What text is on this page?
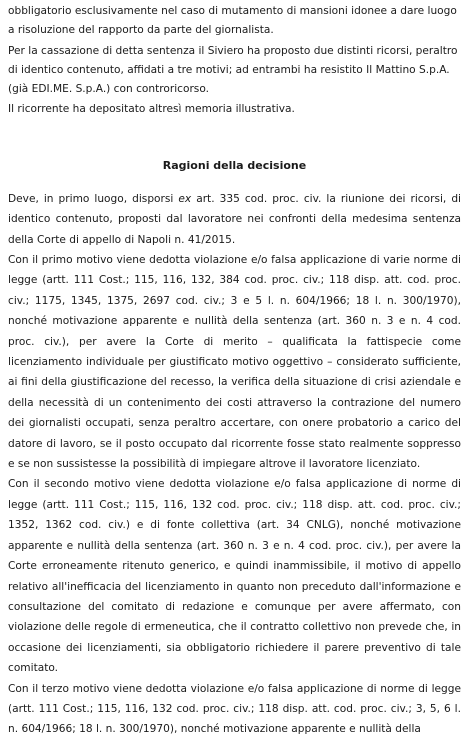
obbligatorio esclusivamente nel caso di mutamento di mansioni idonee a dare luogo a risoluzione del rapporto da parte del giornalista.

Per la cassazione di detta sentenza il Siviero ha proposto due distinti ricorsi, peraltro di identico contenuto, affidati a tre motivi; ad entrambi ha resistito Il Mattino S.p.A. (già EDI.ME. S.p.A.) con controricorso.

Il ricorrente ha depositato altresì memoria illustrativa.

Ragioni della decisione

Deve, in primo luogo, disporsi ex art. 335 cod. proc. civ. la riunione dei ricorsi, di identico contenuto, proposti dal lavoratore nei confronti della medesima sentenza della Corte di appello di Napoli n. 41/2015.

Con il primo motivo viene dedotta violazione e/o falsa applicazione di varie norme di legge (artt. 111 Cost.; 115, 116, 132, 384 cod. proc. civ.; 118 disp. att. cod. proc. civ.; 1175, 1345, 1375, 2697 cod. civ.; 3 e 5 l. n. 604/1966; 18 l. n. 300/1970), nonché motivazione apparente e nullità della sentenza (art. 360 n. 3 e n. 4 cod. proc. civ.), per avere la Corte di merito – qualificata la fattispecie come licenziamento individuale per giustificato motivo oggettivo – considerato sufficiente, ai fini della giustificazione del recesso, la verifica della situazione di crisi aziendale e della necessità di un contenimento dei costi attraverso la contrazione del numero dei giornalisti occupati, senza peraltro accertare, con onere probatorio a carico del datore di lavoro, se il posto occupato dal ricorrente fosse stato realmente soppresso e se non sussistesse la possibilità di impiegare altrove il lavoratore licenziato.

Con il secondo motivo viene dedotta violazione e/o falsa applicazione di norme di legge (artt. 111 Cost.; 115, 116, 132 cod. proc. civ.; 118 disp. att. cod. proc. civ.; 1352, 1362 cod. civ.) e di fonte collettiva (art. 34 CNLG), nonché motivazione apparente e nullità della sentenza (art. 360 n. 3 e n. 4 cod. proc. civ.), per avere la Corte erroneamente ritenuto generico, e quindi inammissibile, il motivo di appello relativo all'inefficacia del licenziamento in quanto non preceduto dall'informazione e consultazione del comitato di redazione e comunque per avere affermato, con violazione delle regole di ermeneutica, che il contratto collettivo non prevede che, in occasione dei licenziamenti, sia obbligatorio richiedere il parere preventivo di tale comitato.

Con il terzo motivo viene dedotta violazione e/o falsa applicazione di norme di legge (artt. 111 Cost.; 115, 116, 132 cod. proc. civ.; 118 disp. att. cod. proc. civ.; 3, 5, 6 l. n. 604/1966; 18 l. n. 300/1970), nonché motivazione apparente e nullità della
